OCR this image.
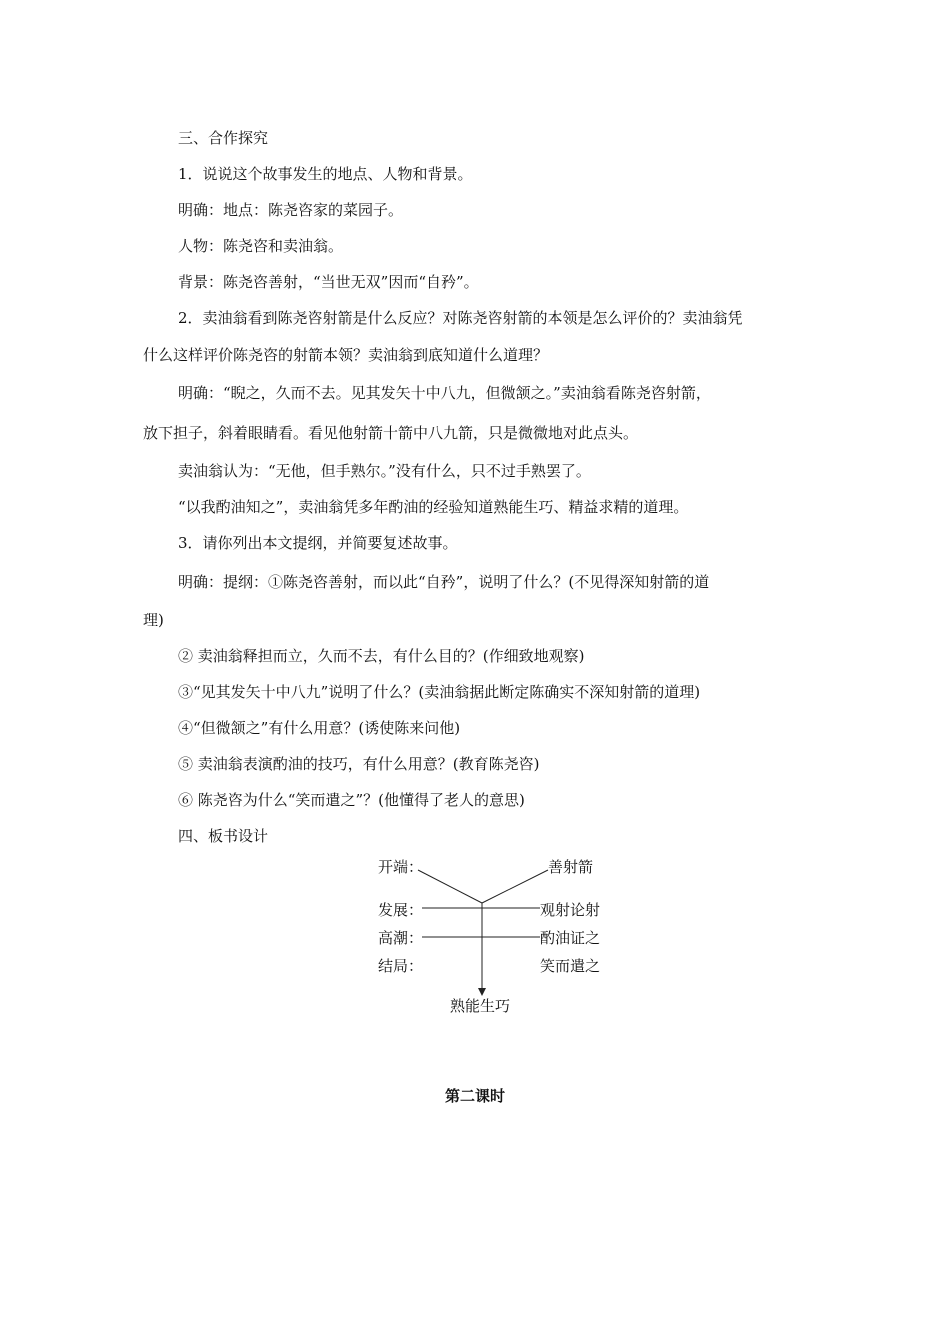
三、合作探究
1．说说这个故事发生的地点、人物和背景。
明确：地点：陈尧咨家的菜园子。
人物：陈尧咨和卖油翁。
背景：陈尧咨善射，“当世无双”因而“自矜”。
2．卖油翁看到陈尧咨射箭是什么反应？对陈尧咨射箭的本领是怎么评价的？卖油翁凭
什么这样评价陈尧咨的射箭本领？卖油翁到底知道什么道理？
明确：“睨之，久而不去。见其发矢十中八九，但微颔之。”卖油翁看陈尧咨射箭，
放下担子，斜着眼睛看。看见他射箭十箭中八九箭，只是微微地对此点头。
卖油翁认为：“无他，但手熟尔。”没有什么，只不过手熟罢了。
“以我酌油知之”，卖油翁凭多年酌油的经验知道熟能生巧、精益求精的道理。
3．请你列出本文提纲，并简要复述故事。
明确：提纲：①陈尧咨善射，而以此“自矜”，说明了什么？(不见得深知射箭的道
理)
② 卖油翁释担而立，久而不去，有什么目的？(作细致地观察)
③“见其发矢十中八九”说明了什么？(卖油翁据此断定陈确实不深知射箭的道理)
④“但微颔之”有什么用意？(诱使陈来问他)
⑤ 卖油翁表演酌油的技巧，有什么用意？(教育陈尧咨)
⑥ 陈尧咨为什么“笑而遣之”？(他懂得了老人的意思)
四、板书设计
开端：	善射箭
发展：	观射论射
高潮：	酌油证之
结局：	笑而遣之
熟能生巧
第二课时
